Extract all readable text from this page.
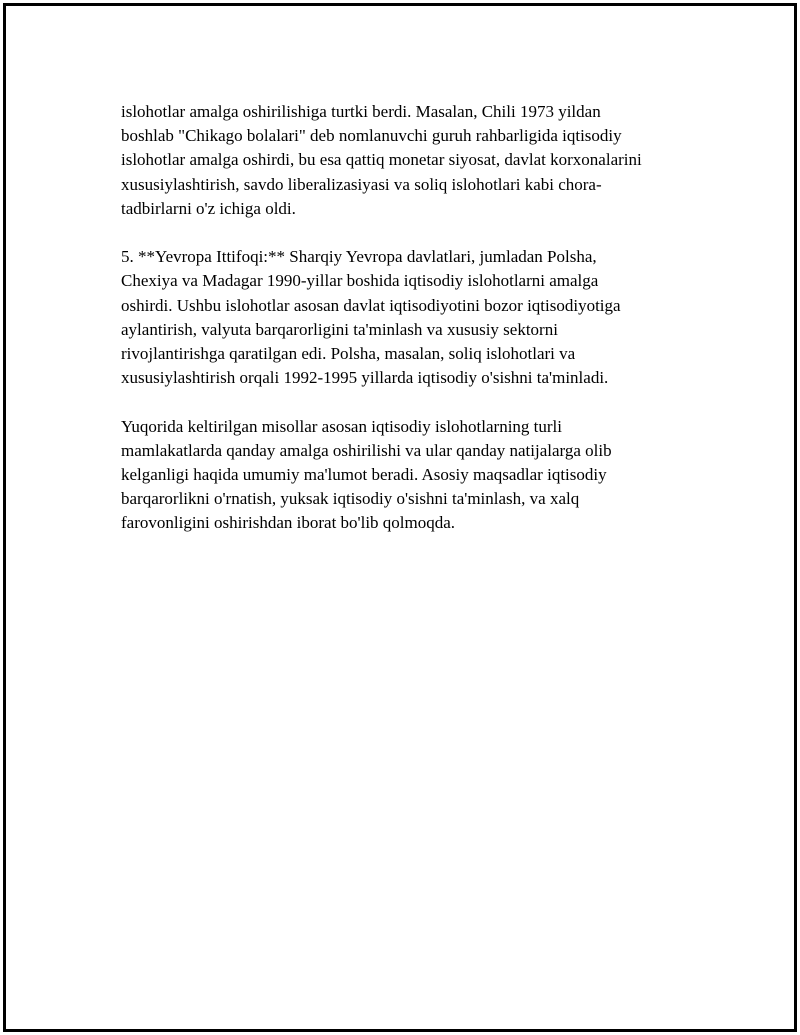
islohotlar amalga oshirilishiga turtki berdi. Masalan, Chili 1973 yildan
boshlab "Chikago bolalari" deb nomlanuvchi guruh rahbarligida iqtisodiy
islohotlar amalga oshirdi, bu esa qattiq monetar siyosat, davlat korxonalarini
xususiylashtirish, savdo liberalizasiyasi va soliq islohotlari kabi chora-
tadbirlarni o'z ichiga oldi.
5. **Yevropa Ittifoqi:** Sharqiy Yevropa davlatlari, jumladan Polsha,
Chexiya va Madagar 1990-yillar boshida iqtisodiy islohotlarni amalga
oshirdi. Ushbu islohotlar asosan davlat iqtisodiyotini bozor iqtisodiyotiga
aylantirish, valyuta barqarorligini ta'minlash va xususiy sektorni
rivojlantirishga qaratilgan edi. Polsha, masalan, soliq islohotlari va
xususiylashtirish orqali 1992-1995 yillarda iqtisodiy o'sishni ta'minladi.
Yuqorida keltirilgan misollar asosan iqtisodiy islohotlarning turli
mamlakatlarda qanday amalga oshirilishi va ular qanday natijalarga olib
kelganligi haqida umumiy ma'lumot beradi. Asosiy maqsadlar iqtisodiy
barqarorlikni o'rnatish, yuksak iqtisodiy o'sishni ta'minlash, va xalq
farovonligini oshirishdan iborat bo'lib qolmoqda.
